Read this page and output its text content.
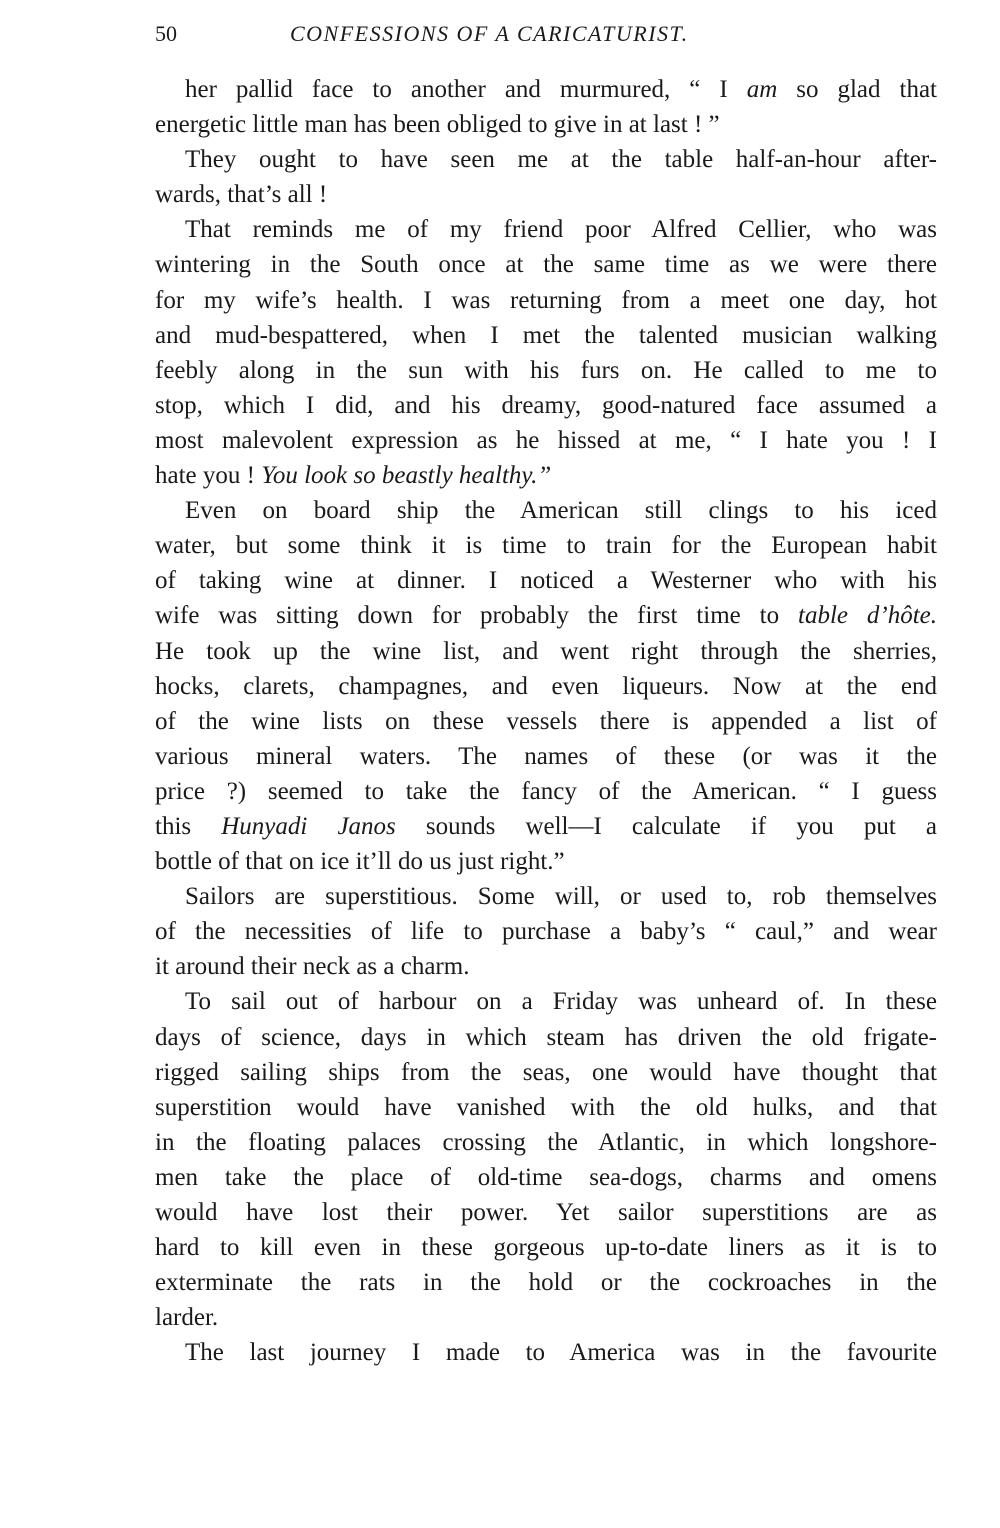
50	CONFESSIONS OF A CARICATURIST.
her pallid face to another and murmured, “ I am so glad that
energetic little man has been obliged to give in at last ! ”
They ought to have seen me at the table half-an-hour after-
wards, that’s all !
That reminds me of my friend poor Alfred Cellier, who was
wintering in the South once at the same time as we were there
for my wife’s health. I was returning from a meet one day, hot
and mud-bespattered, when I met the talented musician walking
feebly along in the sun with his furs on. He called to me to
stop, which I did, and his dreamy, good-natured face assumed a
most malevolent expression as he hissed at me, “ I hate you ! I
hate you ! You look so beastly healthy.”
Even on board ship the American still clings to his iced
water, but some think it is time to train for the European habit
of taking wine at dinner. I noticed a Westerner who with his
wife was sitting down for probably the first time to table d’hôte.
He took up the wine list, and went right through the sherries,
hocks, clarets, champagnes, and even liqueurs. Now at the end
of the wine lists on these vessels there is appended a list of
various mineral waters. The names of these (or was it the
price ?) seemed to take the fancy of the American. “ I guess
this Hunyadi Janos sounds well—I calculate if you put a
bottle of that on ice it’ll do us just right.”
Sailors are superstitious. Some will, or used to, rob themselves
of the necessities of life to purchase a baby’s “ caul,” and wear
it around their neck as a charm.
To sail out of harbour on a Friday was unheard of. In these
days of science, days in which steam has driven the old frigate-
rigged sailing ships from the seas, one would have thought that
superstition would have vanished with the old hulks, and that
in the floating palaces crossing the Atlantic, in which longshore-
men take the place of old-time sea-dogs, charms and omens
would have lost their power. Yet sailor superstitions are as
hard to kill even in these gorgeous up-to-date liners as it is to
exterminate the rats in the hold or the cockroaches in the
larder.
The last journey I made to America was in the favourite
